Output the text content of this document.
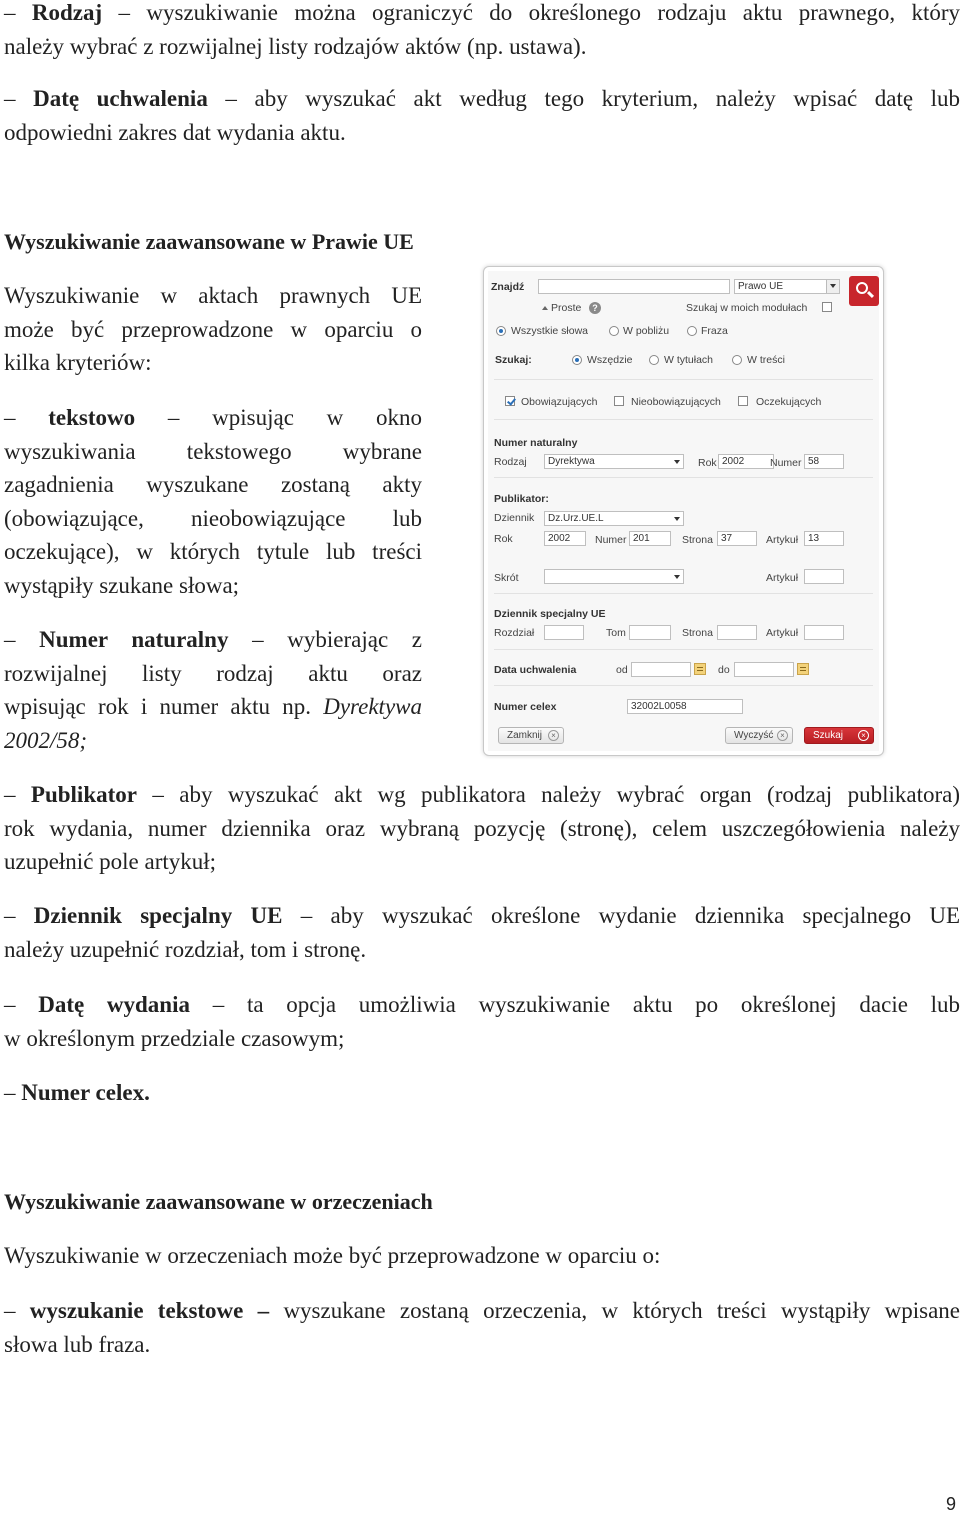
– Rodzaj – wyszukiwanie można ograniczyć do określonego rodzaju aktu prawnego, który
należy wybrać z rozwijalnej listy rodzajów aktów (np. ustawa).
– Datę uchwalenia – aby wyszukać akt według tego kryterium, należy wpisać datę lub
odpowiedni zakres dat wydania aktu.
Wyszukiwanie zaawansowane w Prawie UE
Wyszukiwanie w aktach prawnych UE
może być przeprowadzone w oparciu o
kilka kryteriów:
– tekstowo – wpisując w okno
wyszukiwania tekstowego wybrane
zagadnienia wyszukane zostaną akty
(obowiązujące, nieobowiązujące lub
oczekujące), w których tytule lub treści
wystąpiły szukane słowa;
– Numer naturalny – wybierając z
rozwijalnej listy rodzaj aktu oraz
wpisując rok i numer aktu np. Dyrektywa
2002/58;
Znajdź	Prawo UE
Proste	?	Szukaj w moich modułach
Wszystkie słowa	W pobliżu	Fraza
Szukaj:	Wszędzie	W tytułach	W treści
Obowiązujących	Nieobowiązujących	Oczekujących
Numer naturalny
Rodzaj	Dyrektywa	Rok 2002	Numer 58
Publikator:
Dziennik	Dz.Urz.UE.L
Rok	2002	Numer 201	Strona 37	Artykuł 13
Skrót	Artykuł
Dziennik specjalny UE
Rozdział	Tom	Strona	Artykuł
Data uchwalenia	od	do
Numer celex	32002L0058
Zamknij	×	Wyczyść ×	Szukaj	×
– Publikator – aby wyszukać akt wg publikatora należy wybrać organ (rodzaj publikatora)
rok wydania, numer dziennika oraz wybraną pozycję (stronę), celem uszczegółowienia należy
uzupełnić pole artykuł;
– Dziennik specjalny UE – aby wyszukać określone wydanie dziennika specjalnego UE
należy uzupełnić rozdział, tom i stronę.
– Datę wydania – ta opcja umożliwia wyszukiwanie aktu po określonej dacie lub
w określonym przedziale czasowym;
– Numer celex.
Wyszukiwanie zaawansowane w orzeczeniach
Wyszukiwanie w orzeczeniach może być przeprowadzone w oparciu o:
– wyszukanie tekstowe – wyszukane zostaną orzeczenia, w których treści wystąpiły wpisane
słowa lub fraza.
9
